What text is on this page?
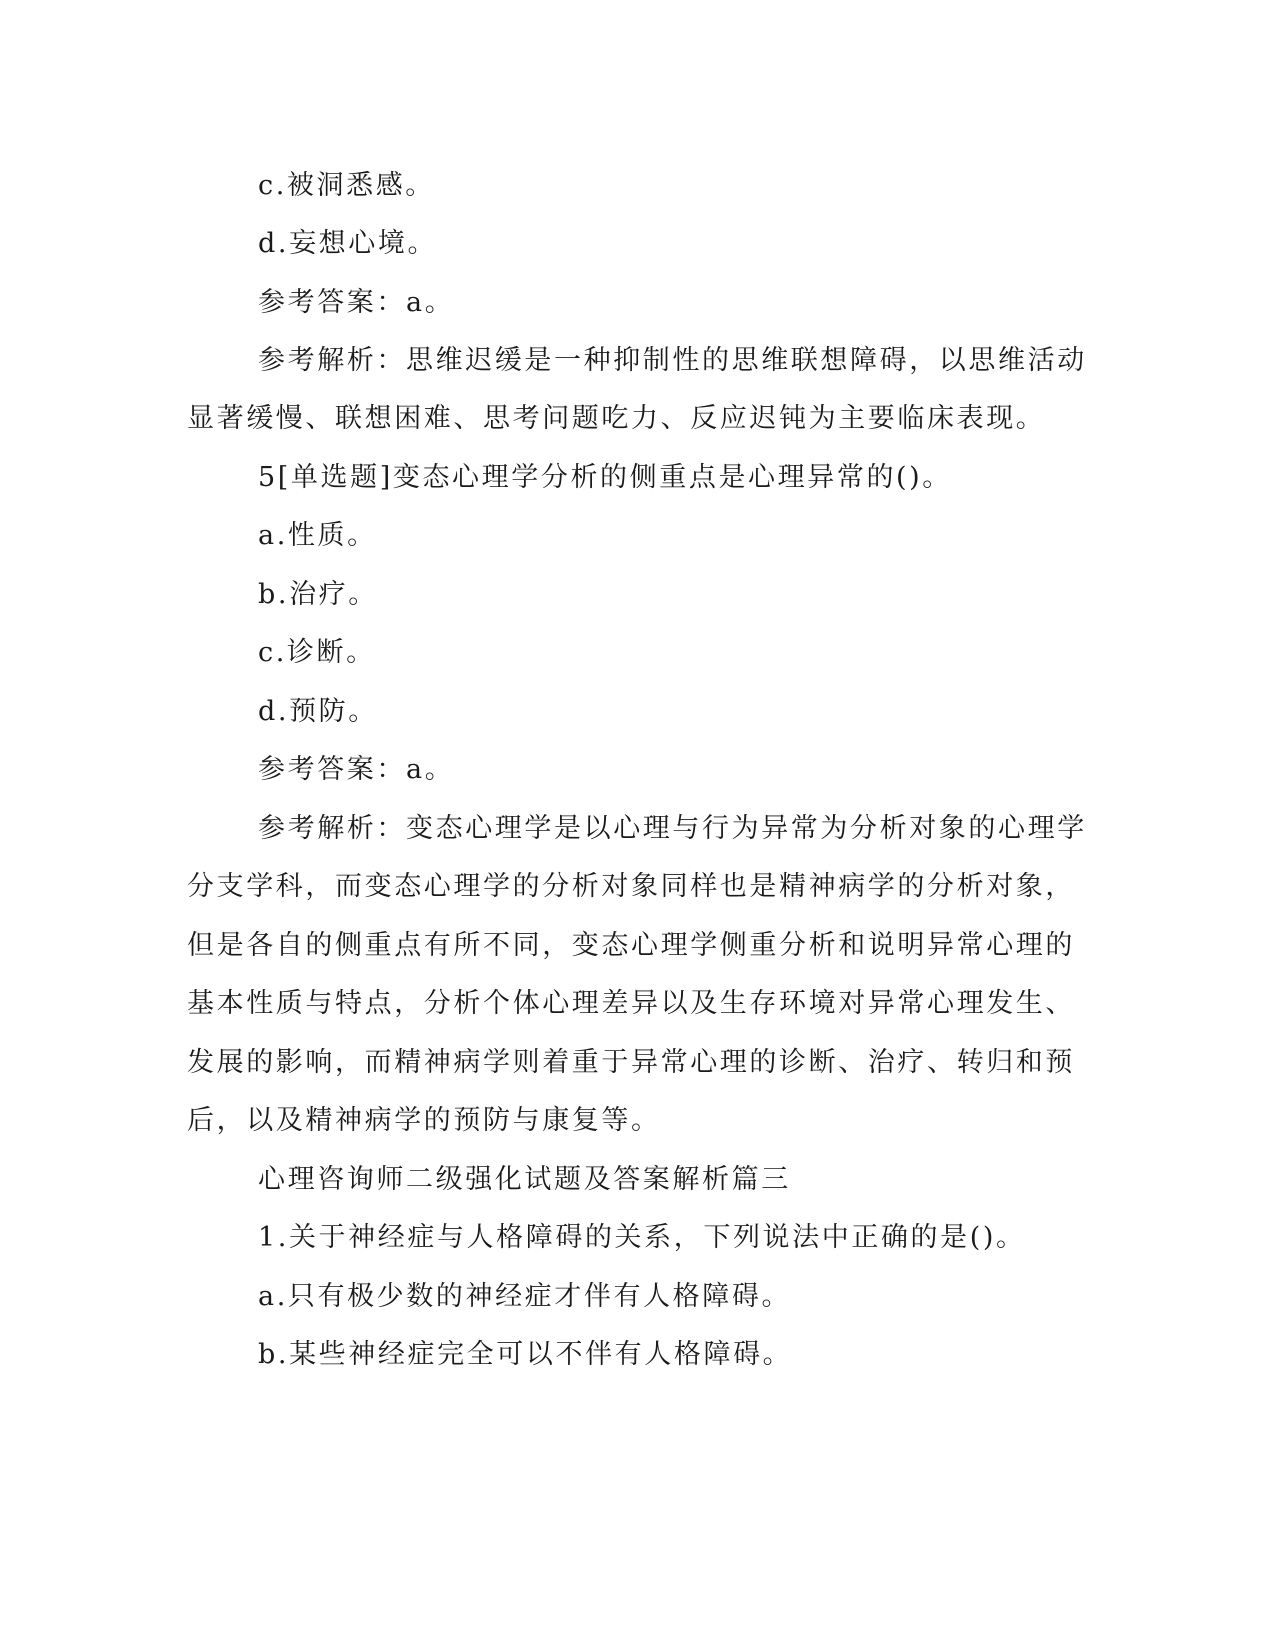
c.被洞悉感。
d.妄想心境。
参考答案：a。
参考解析：思维迟缓是一种抑制性的思维联想障碍，以思维活动
显著缓慢、联想困难、思考问题吃力、反应迟钝为主要临床表现。
5[单选题]变态心理学分析的侧重点是心理异常的()。
a.性质。
b.治疗。
c.诊断。
d.预防。
参考答案：a。
参考解析：变态心理学是以心理与行为异常为分析对象的心理学
分支学科，而变态心理学的分析对象同样也是精神病学的分析对象，
但是各自的侧重点有所不同，变态心理学侧重分析和说明异常心理的
基本性质与特点，分析个体心理差异以及生存环境对异常心理发生、
发展的影响，而精神病学则着重于异常心理的诊断、治疗、转归和预
后，以及精神病学的预防与康复等。
心理咨询师二级强化试题及答案解析篇三
1.关于神经症与人格障碍的关系，下列说法中正确的是()。
a.只有极少数的神经症才伴有人格障碍。
b.某些神经症完全可以不伴有人格障碍。
